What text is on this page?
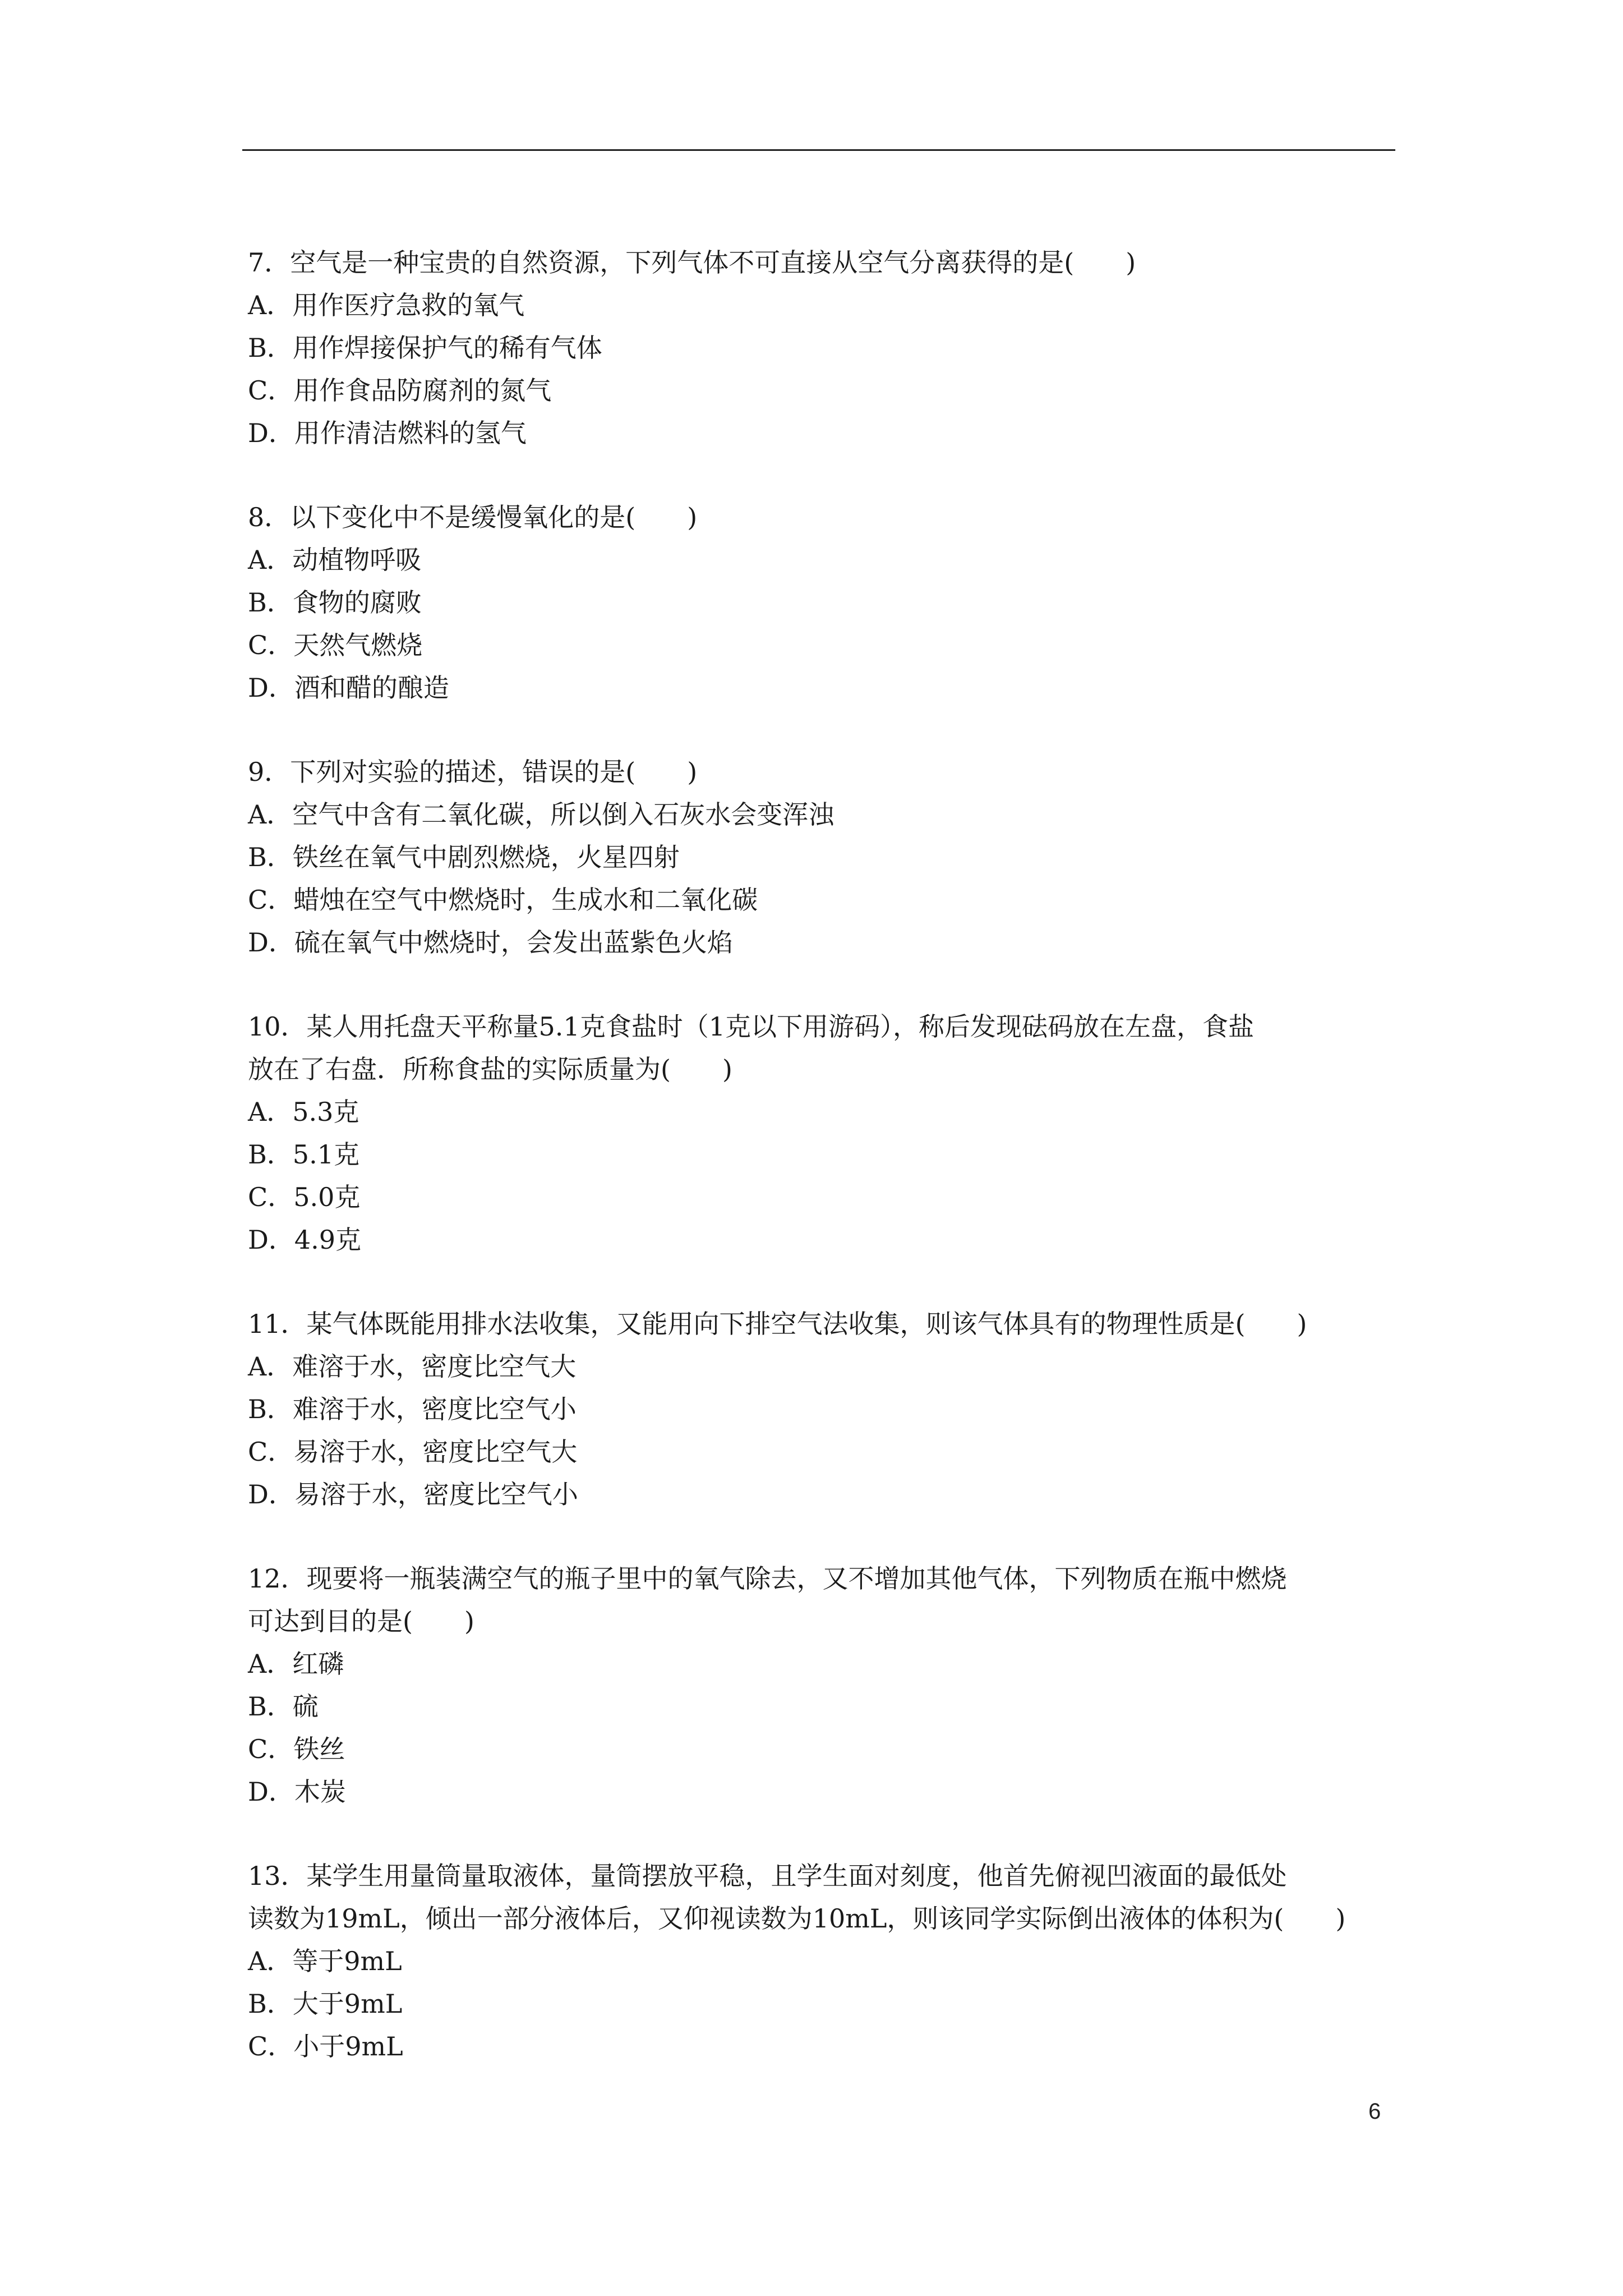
7．空气是一种宝贵的自然资源，下列气体不可直接从空气分离获得的是(　　)
A．用作医疗急救的氧气
B．用作焊接保护气的稀有气体
C．用作食品防腐剂的氮气
D．用作清洁燃料的氢气
8．以下变化中不是缓慢氧化的是(　　)
A．动植物呼吸
B．食物的腐败
C．天然气燃烧
D．酒和醋的酿造
9．下列对实验的描述，错误的是(　　)
A．空气中含有二氧化碳，所以倒入石灰水会变浑浊
B．铁丝在氧气中剧烈燃烧，火星四射
C．蜡烛在空气中燃烧时，生成水和二氧化碳
D．硫在氧气中燃烧时，会发出蓝紫色火焰
10．某人用托盘天平称量5.1克食盐时（1克以下用游码），称后发现砝码放在左盘，食盐
放在了右盘．所称食盐的实际质量为(　　)
A．5.3克
B．5.1克
C．5.0克
D．4.9克
11．某气体既能用排水法收集，又能用向下排空气法收集，则该气体具有的物理性质是(　　)
A．难溶于水，密度比空气大
B．难溶于水，密度比空气小
C．易溶于水，密度比空气大
D．易溶于水，密度比空气小
12．现要将一瓶装满空气的瓶子里中的氧气除去，又不增加其他气体，下列物质在瓶中燃烧
可达到目的是(　　)
A．红磷
B．硫
C．铁丝
D．木炭
13．某学生用量筒量取液体，量筒摆放平稳，且学生面对刻度，他首先俯视凹液面的最低处
读数为19mL，倾出一部分液体后，又仰视读数为10mL，则该同学实际倒出液体的体积为(　　)
A．等于9mL
B．大于9mL
C．小于9mL
6
